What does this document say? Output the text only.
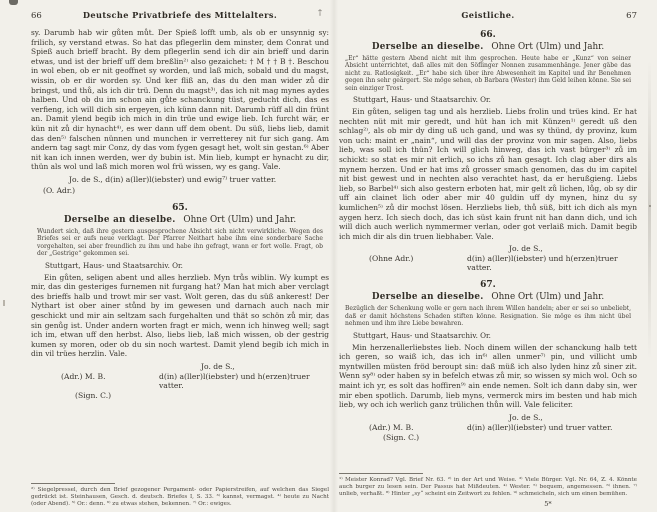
†
66	Deutsche Privatbriefe des Mittelalters.

sy. Darumb hab wir gůten můt. Der Spieß lofft umb, als ob er unsynnig sy: frilich, sy verstand etwas. So hat das pflegerlin dem minster, dem Conrat und Spieß auch brieff bracht. By dem pflegerlin send ich dir ain brieff und darin etwas, und ist der brieff uff dem breßlin²⁾ also gezaichet: † M † † B †. Beschou in wol eben, ob er nit geoffnet sy worden, und laß mich, sobald und du magst, wissin, ob er dir worden sy. Und ker fliß an, das du den man wider zů dir bringst, und thů, als ich dir trü. Denn du magst³⁾, das ich nit mag mynes aydes halben. Und ob du im schon ain gůte schanckung tüst, geducht dich, das es verfieng, ich will dich sin ergeyen, ich künn dann nit. Darumb rüff all din frünt an. Damit ylend begib ich mich in din trüe und ewige lieb. Ich furcht wär, er kün nit zů dir hynacht⁴⁾, es wer dann uff dem obent. Du süß, liebs lieb, damit das den⁵⁾ falschen nünnen und munchen ir verretterey nit fur sich gang. Am andern tag sagt mir Conz, dy das vom fygen gesagt het, wolt sin gestan.⁶⁾ Aber nit kan ich innen werden, wer dy bubin ist. Min lieb, kumpt er hynacht zu dir, thün als wol und laß mich moren wol frü wissen, wy es gang. Vale.

Jo. de S., d(in) a(ller)l(iebster) und ewig⁷⁾ truer vatter.

(O. Adr.)

65.
Derselbe an dieselbe. Ohne Ort (Ulm) und Jahr.

Wundert sich, daß ihre gestern ausgesprochene Absicht sich nicht verwirkliche. Wegen des Briefes sei er aufs neue verklagt. Der Pfarrer Neithart habe ihm eine sonderbare Sache vorgehalten, sei aber freundlich zu ihm und habe ihn gefragt, wann er fort wolle. Fragt, ob der „Gestrige“ gekommen sei.

Stuttgart, Haus- und Staatsarchiv. Or.

Ein gůten, seligen abent und alles herzlieb. Myn trůs wiblin. Wy kumpt es mir, das din gesteriges furnemen nit furgang hat? Man hat mich aber verclagt des brieffs halb und trowt mir ser vast. Wolt geren, das du süß ankerest! Der Nythart ist ober ainer stůnd by im gewesen und darnach auch nach mir geschickt und mir ain seltzam sach furgehalten und thät so schön zů mir, das sin genůg ist. Under andern worten fragt er mich, wenn ich hinweg well; sagt ich im, etwan uff den herbst. Also, liebs lieb, laß mich wissen, ob der gestrig kumen sy moren, oder ob du sin noch wartest. Damit ylend begib ich mich in din vil trües herzlin. Vale.

Jo. de S.,

(Adr.) M. B.	d(in) a(ller)l(iebster) und h(erzen)truer vatter.

(Sign. C.)

²⁾ Siegelpressel, durch den Brief gezogener Pergament- oder Papierstreifen, auf welchen das Siegel gedrückt ist. Steinhausen, Gesch. d. deutsch. Briefes I, S. 33. ³⁾ kannst, vermagst. ⁴⁾ heute zu Nacht (oder Abend). ⁵⁾ Or.: denn. ⁶⁾ zu etwas stehen, bekennen. ⁷⁾ Or.: ewiges.

Geistliche.	67
66.
Derselbe an dieselbe. Ohne Ort (Ulm) und Jahr.

„Er“ hätte gestern Abend nicht mit ihm gesprochen. Heute habe er „Kunz“ von seiner Absicht unterrichtet, daß alles mit den Söflinger Nonnen zusammenhänge. Jener gäbe das nicht zu. Ratlosigkeit. „Er“ habe sich über ihre Abwesenheit im Kapitel und ihr Benehmen gegen ihn sehr geärgert. Sie möge sehen, ob Barbara (Wester) ihm Geld leihen könne. Sie sei sein einziger Trost.

Stuttgart, Haus- und Staatsarchiv. Or.

Ein gůten, seligen tag und als herzlieb. Liebs frolin und trües kind. Er hat nechten nüt mit mir geredt, und hüt han ich mit Künzen¹⁾ geredt uß den schlag²⁾, als ob mir dy ding uß uch gand, und was sy thünd, dy provinz, kum von uch: maint er „nain“, und will das der provinz von mir sagen. Also, liebs lieb, was soll ich thün? Ich will glich hinweg, das ich vast bürger³⁾ zů im schickt: so stat es mir nit erlich, so ichs zů han gesagt. Ich clag aber dirs als mynem herzen. Und er hat ims zů grosser smach genomen, das du im capitel nit bist gewest und in nechten also verachtet hast, da er herußgieng. Liebs lieb, so Barbel⁴⁾ sich also gestern erboten hat, mir gelt zů lichen, lůg, ob sy dir uff ain clainet lich oder aber mir 40 guldin uff dy mynen, hinz du sy kumlichen⁵⁾ zů dir mochst lösen. Herzliebs lieb, thů süß, bitt ich dich als myn aygen herz. Ich siech doch, das ich süst kain frunt nit han dann dich, und ich will dich auch werlich nymmermer verlan, oder got verlaiß mich. Damit begib ich mich dir als din truen liebhaber. Vale.

Jo. de S.,

(Ohne Adr.)	d(in) a(ller)l(iebster) und h(erzen)truer vatter.
67.
Derselbe an dieselbe. Ohne Ort (Ulm) und Jahr.

Bezüglich der Schenkung wolle er gern nach ihrem Willen handeln; aber er sei so unbeliebt, daß er damit höchstens Schaden stiften könne. Resignation. Sie möge es ihm nicht übel nehmen und ihm ihre Liebe bewahren.

Stuttgart, Haus- und Staatsarchiv. Or.

Min herzenallerliebstes lieb. Noch dinem willen der schanckung halb tett ich geren, so waiß ich, das ich in⁶⁾ allen unmer⁷⁾ pin, und villicht umb myntwillen müsten fröd beroupt sin: daß müß ich also lyden hinz zů siner zit. Wenn sy⁸⁾ oder haben sy in befelch etwas zů mir, so wissen sy mich wol. Och so maint ich yr, es solt das hoffiren⁹⁾ ain ende nemen. Solt ich dann daby sin, wer mir eben spotlich. Darumb, lieb myns, vermerck mirs im besten und hab mich lieb, wy och ich werlich ganz trülichen thůn will. Vale feliciter.

Jo. de S.,

(Adr.) M. B.	d(in) a(ller)l(iebster) und truer vatter.

(Sign. C.)

¹⁾ Meister Konrad? Vgl. Brief Nr. 63. ²⁾ in der Art und Weise. ³⁾ Viele Bürger. Vgl. Nr. 64, Z. 4. Könnte auch burger zu lesen sein. Der Passus hat Mißdeuten. ⁴⁾ Wester. ⁵⁾ bequem, angemessen. ⁶⁾ ihnen. ⁷⁾ unlieb, verhaßt. ⁸⁾ Hinter „sy“ scheint ein Zeitwort zu fehlen. ⁹⁾ schmeicheln, sich um einen bemühen.

5*
